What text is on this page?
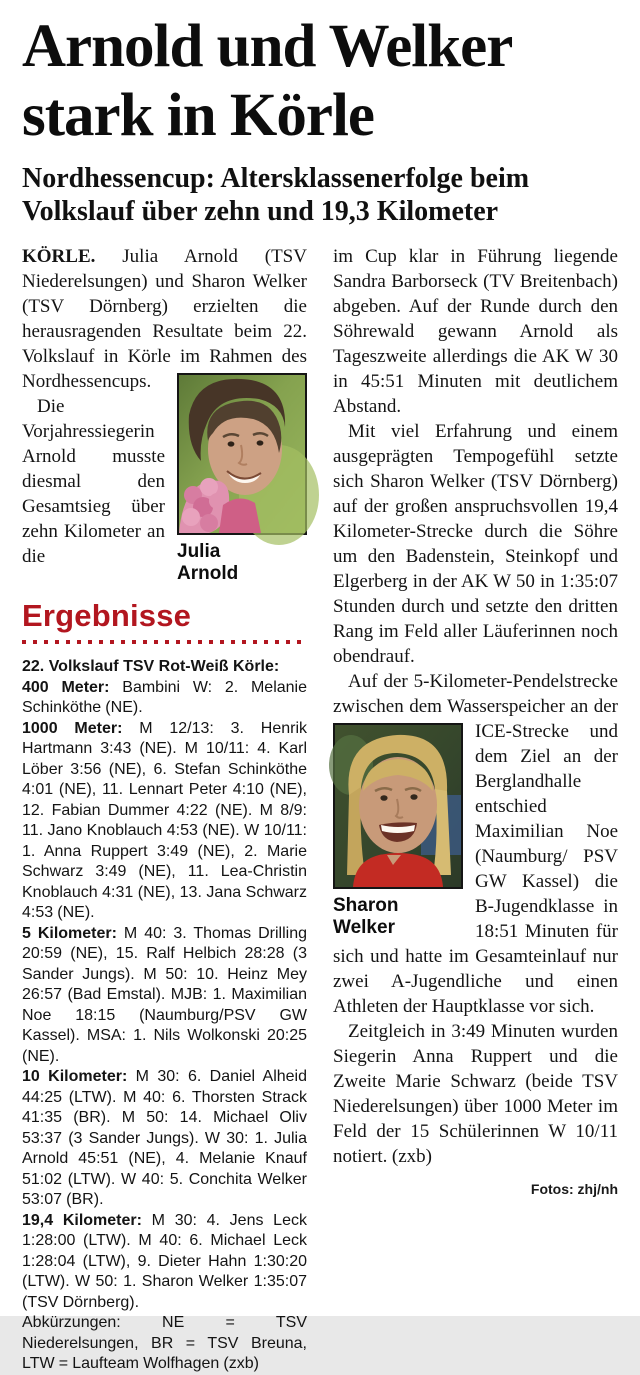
Arnold und Welker
stark in Körle
Nordhessencup: Altersklassenerfolge beim
Volkslauf über zehn und 19,3 Kilometer

KÖRLE. Julia Arnold (TSV Niederelsungen) und Sharon Welker (TSV Dörnberg) erzielten die herausragenden Resultate beim 22. Volkslauf in Körle im
Julia
Arnold
Rahmen des Nordhessencups.

Die Vorjahressiegerin Arnold musste diesmal den Gesamtsieg über zehn Kilometer an die

Ergebnisse

22. Volkslauf TSV Rot-Weiß Körle:

400 Meter: Bambini W: 2. Melanie Schinköthe (NE).

1000 Meter: M 12/13: 3. Henrik Hartmann 3:43 (NE). M 10/11: 4. Karl Löber 3:56 (NE), 6. Stefan Schinköthe 4:01 (NE), 11. Lennart Peter 4:10 (NE), 12. Fabian Dummer 4:22 (NE). M 8/9: 11. Jano Knoblauch 4:53 (NE). W 10/11: 1. Anna Ruppert 3:49 (NE), 2. Marie Schwarz 3:49 (NE), 11. Lea-Christin Knoblauch 4:31 (NE), 13. Jana Schwarz 4:53 (NE).

5 Kilometer: M 40: 3. Thomas Drilling 20:59 (NE), 15. Ralf Helbich 28:28 (3 Sander Jungs). M 50: 10. Heinz Mey 26:57 (Bad Emstal). MJB: 1. Maximilian Noe 18:15 (Naumburg/PSV GW Kassel). MSA: 1. Nils Wolkonski 20:25 (NE).

10 Kilometer: M 30: 6. Daniel Alheid 44:25 (LTW). M 40: 6. Thorsten Strack 41:35 (BR). M 50: 14. Michael Oliv 53:37 (3 Sander Jungs). W 30: 1. Julia Arnold 45:51 (NE), 4. Melanie Knauf 51:02 (LTW). W 40: 5. Conchita Welker 53:07 (BR).

19,4 Kilometer: M 30: 4. Jens Leck 1:28:00 (LTW). M 40: 6. Michael Leck 1:28:04 (LTW), 9. Dieter Hahn 1:30:20 (LTW). W 50: 1. Sharon Welker 1:35:07 (TSV Dörnberg).

Abkürzungen: NE = TSV Niederelsungen, BR = TSV Breuna, LTW = Laufteam Wolfhagen (zxb)

im Cup klar in Führung liegende Sandra Barborseck (TV Breitenbach) abgeben. Auf der Runde durch den Söhrewald gewann Arnold als Tageszweite allerdings die AK W 30 in 45:51 Minuten mit deutlichem Abstand.

Mit viel Erfahrung und einem ausgeprägten Tempogefühl setzte sich Sharon Welker (TSV Dörnberg) auf der großen anspruchsvollen 19,4 Kilometer-Strecke durch die Söhre um den Badenstein, Steinkopf und Elgerberg in der AK W 50 in 1:35:07 Stunden durch und setzte den dritten Rang im Feld aller Läuferinnen noch obendrauf.

Auf der 5-Kilometer-Pendelstrecke zwischen dem Wasserspeicher an der ICE-Strecke
Sharon
Welker
und dem Ziel an der Berglandhalle entschied Maximilian Noe (Naumburg/ PSV GW Kassel) die B-Jugendklasse in 18:51 Minuten für sich und hatte im Gesamteinlauf nur zwei A-Jugendliche und einen Athleten der Hauptklasse vor sich.

Zeitgleich in 3:49 Minuten wurden Siegerin Anna Ruppert und die Zweite Marie Schwarz (beide TSV Niederelsungen) über 1000 Meter im Feld der 15 Schülerinnen W 10/11 notiert. (zxb)

Fotos: zhj/nh
